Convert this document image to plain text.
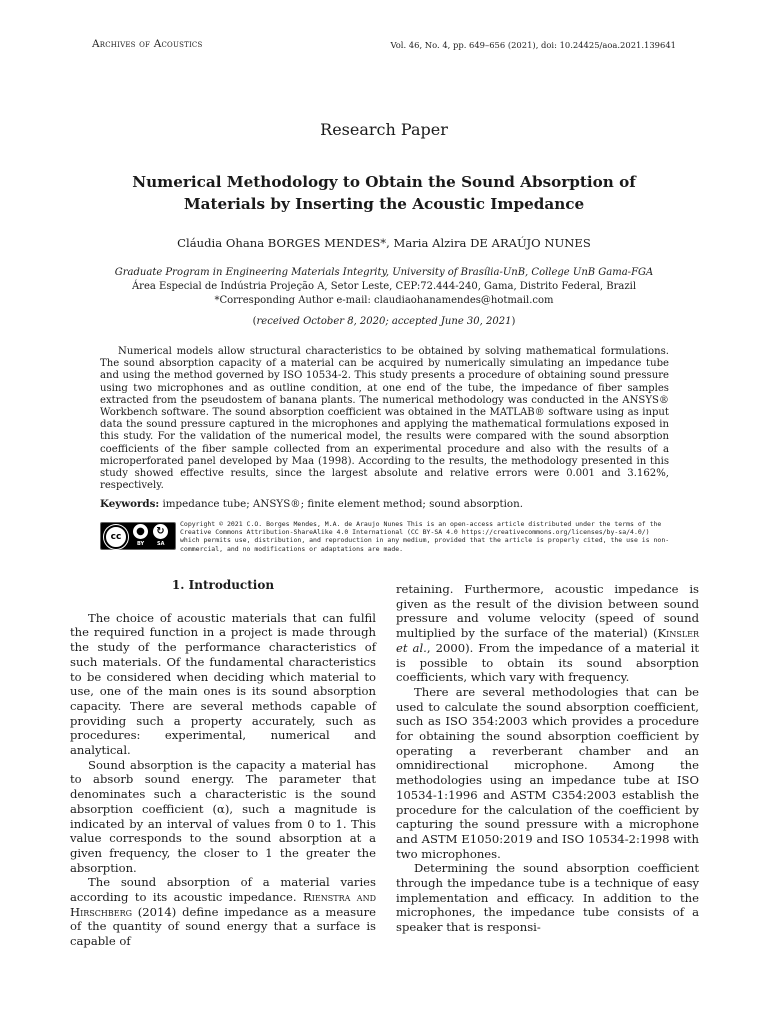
Archives of Acoustics	Vol. 46, No. 4, pp. 649–656 (2021), doi: 10.24425/aoa.2021.139641
Research Paper
Numerical Methodology to Obtain the Sound Absorption of Materials by Inserting the Acoustic Impedance
Cláudia Ohana BORGES MENDES*, Maria Alzira DE ARAÚJO NUNES
Graduate Program in Engineering Materials Integrity, University of Brasília-UnB, College UnB Gama-FGA
Área Especial de Indústria Projeção A, Setor Leste, CEP:72.444-240, Gama, Distrito Federal, Brazil
*Corresponding Author e-mail: claudiaohanamendes@hotmail.com
(received October 8, 2020; accepted June 30, 2021)
Numerical models allow structural characteristics to be obtained by solving mathematical formulations. The sound absorption capacity of a material can be acquired by numerically simulating an impedance tube and using the method governed by ISO 10534-2. This study presents a procedure of obtaining sound pressure using two microphones and as outline condition, at one end of the tube, the impedance of fiber samples extracted from the pseudostem of banana plants. The numerical methodology was conducted in the ANSYS® Workbench software. The sound absorption coefficient was obtained in the MATLAB® software using as input data the sound pressure captured in the microphones and applying the mathematical formulations exposed in this study. For the validation of the numerical model, the results were compared with the sound absorption coefficients of the fiber sample collected from an experimental procedure and also with the results of a microperforated panel developed by Maa (1998). According to the results, the methodology presented in this study showed effective results, since the largest absolute and relative errors were 0.001 and 3.162%, respectively.
Keywords: impedance tube; ANSYS®; finite element method; sound absorption.
cc	●	↻
BY	SA
Copyright © 2021 C.O. Borges Mendes, M.A. de Araujo Nunes This is an open-access article distributed under the terms of the Creative Commons Attribution-ShareAlike 4.0 International (CC BY-SA 4.0 https://creativecommons.org/licenses/by-sa/4.0/) which permits use, distribution, and reproduction in any medium, provided that the article is properly cited, the use is non-commercial, and no modifications or adaptations are made.
1. Introduction

The choice of acoustic materials that can fulfil the required function in a project is made through the study of the performance characteristics of such materials. Of the fundamental characteristics to be considered when deciding which material to use, one of the main ones is its sound absorption capacity. There are several methods capable of providing such a property accurately, such as procedures: experimental, numerical and analytical.

Sound absorption is the capacity a material has to absorb sound energy. The parameter that denominates such a characteristic is the sound absorption coefficient (α), such a magnitude is indicated by an interval of values from 0 to 1. This value corresponds to the sound absorption at a given frequency, the closer to 1 the greater the absorption.

The sound absorption of a material varies according to its acoustic impedance. Rienstra and Hirschberg (2014) define impedance as a measure of the quantity of sound energy that a surface is capable of

retaining. Furthermore, acoustic impedance is given as the result of the division between sound pressure and volume velocity (speed of sound multiplied by the surface of the material) (Kinsler et al., 2000). From the impedance of a material it is possible to obtain its sound absorption coefficients, which vary with frequency.

There are several methodologies that can be used to calculate the sound absorption coefficient, such as ISO 354:2003 which provides a procedure for obtaining the sound absorption coefficient by operating a reverberant chamber and an omnidirectional microphone. Among the methodologies using an impedance tube at ISO 10534-1:1996 and ASTM C354:2003 establish the procedure for the calculation of the coefficient by capturing the sound pressure with a microphone and ASTM E1050:2019 and ISO 10534-2:1998 with two microphones.

Determining the sound absorption coefficient through the impedance tube is a technique of easy implementation and efficacy. In addition to the microphones, the impedance tube consists of a speaker that is responsi-
